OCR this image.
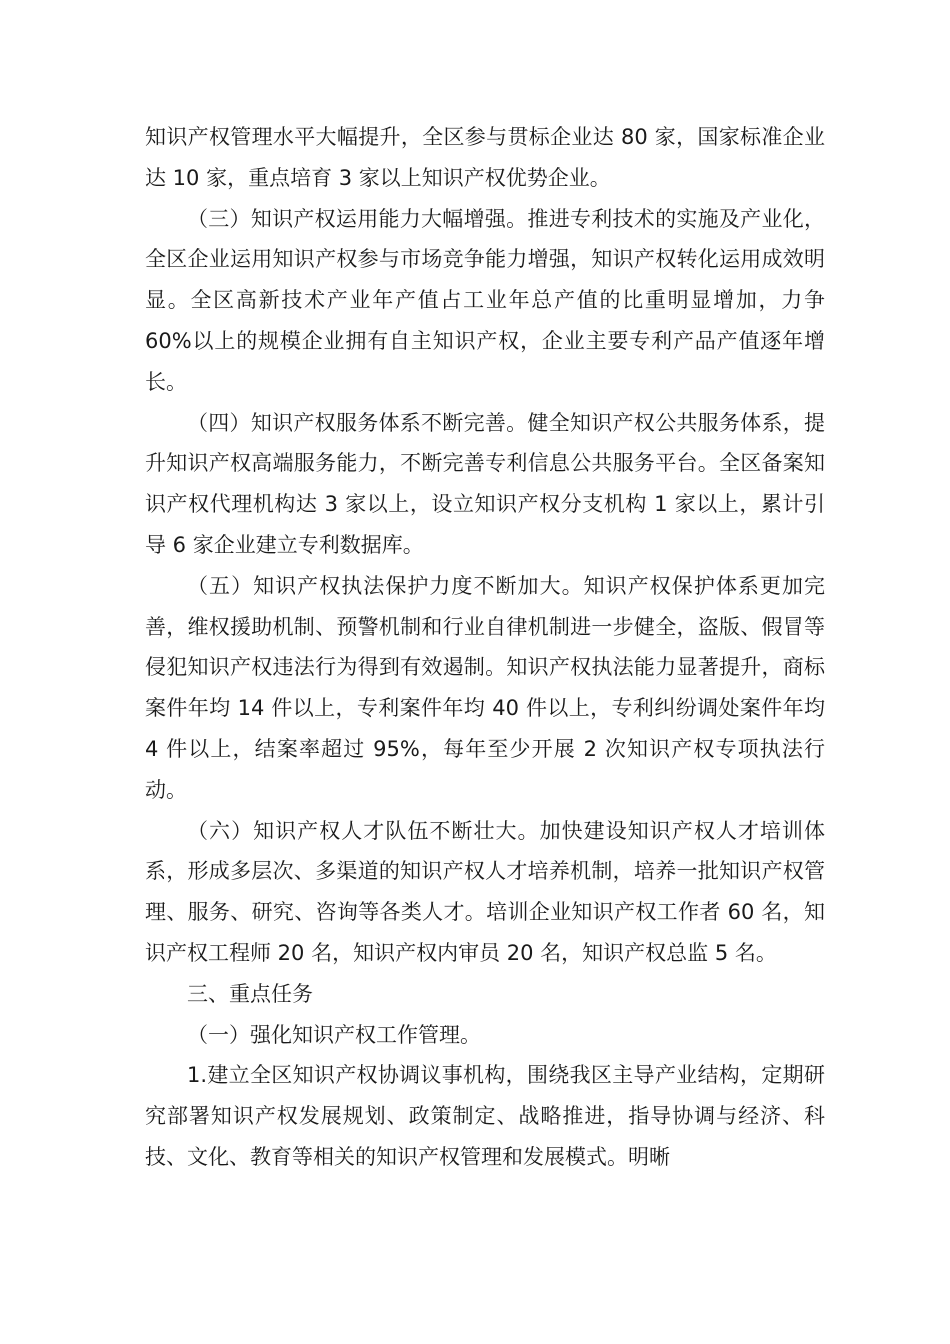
知识产权管理水平大幅提升，全区参与贯标企业达 80 家，国家标准企业达 10 家，重点培育 3 家以上知识产权优势企业。

（三）知识产权运用能力大幅增强。推进专利技术的实施及产业化，全区企业运用知识产权参与市场竞争能力增强，知识产权转化运用成效明显。全区高新技术产业年产值占工业年总产值的比重明显增加，力争 60%以上的规模企业拥有自主知识产权，企业主要专利产品产值逐年增长。

（四）知识产权服务体系不断完善。健全知识产权公共服务体系，提升知识产权高端服务能力，不断完善专利信息公共服务平台。全区备案知识产权代理机构达 3 家以上，设立知识产权分支机构 1 家以上，累计引导 6 家企业建立专利数据库。

（五）知识产权执法保护力度不断加大。知识产权保护体系更加完善，维权援助机制、预警机制和行业自律机制进一步健全，盗版、假冒等侵犯知识产权违法行为得到有效遏制。知识产权执法能力显著提升，商标案件年均 14 件以上，专利案件年均 40 件以上，专利纠纷调处案件年均 4 件以上，结案率超过 95%，每年至少开展 2 次知识产权专项执法行动。

（六）知识产权人才队伍不断壮大。加快建设知识产权人才培训体系，形成多层次、多渠道的知识产权人才培养机制，培养一批知识产权管理、服务、研究、咨询等各类人才。培训企业知识产权工作者 60 名，知识产权工程师 20 名，知识产权内审员 20 名，知识产权总监 5 名。

三、重点任务

（一）强化知识产权工作管理。

1.建立全区知识产权协调议事机构，围绕我区主导产业结构，定期研究部署知识产权发展规划、政策制定、战略推进，指导协调与经济、科技、文化、教育等相关的知识产权管理和发展模式。明晰
